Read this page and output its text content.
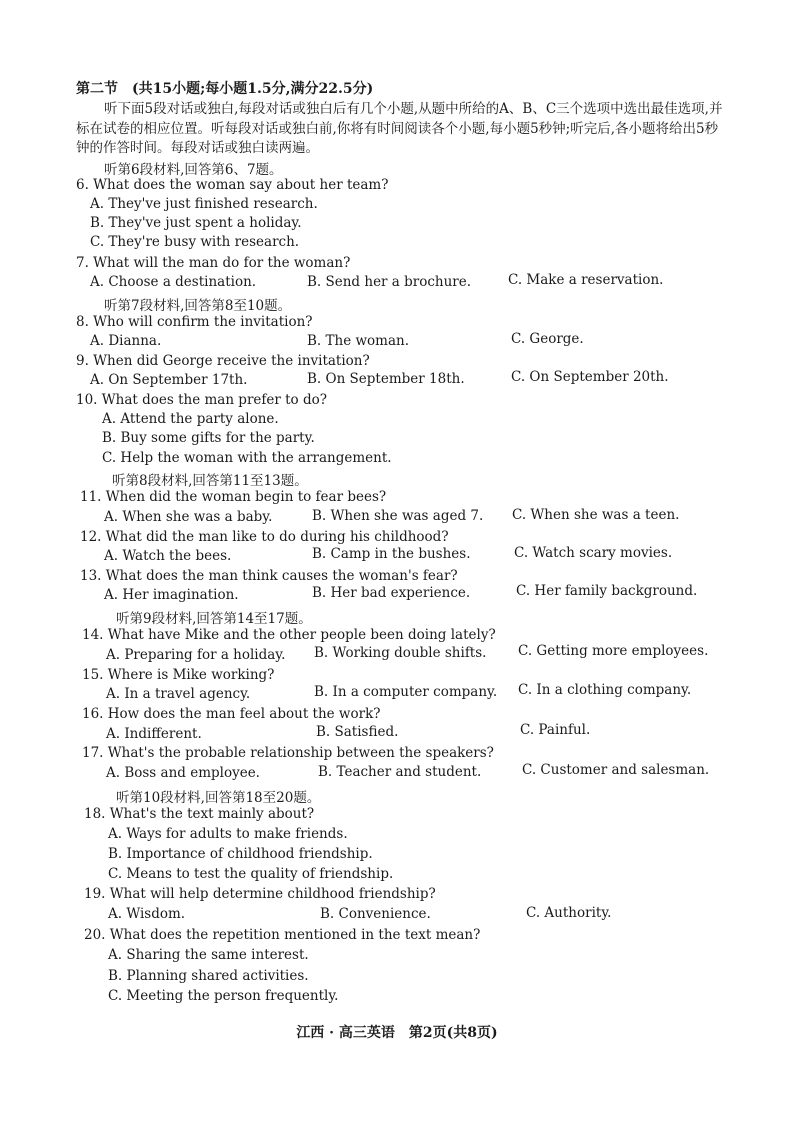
第二节　(共15小题;每小题1.5分,满分22.5分)
听下面5段对话或独白,每段对话或独白后有几个小题,从题中所给的A、B、C三个选项中选出最佳选项,并标在试卷的相应位置。听每段对话或独白前,你将有时间阅读各个小题,每小题5秒钟;听完后,各小题将给出5秒钟的作答时间。每段对话或独白读两遍。
听第6段材料,回答第6、7题。
6. What does the woman say about her team?
A. They've just finished research.
B. They've just spent a holiday.
C. They're busy with research.
7. What will the man do for the woman?
A. Choose a destination.	B. Send her a brochure.	C. Make a reservation.
听第7段材料,回答第8至10题。
8. Who will confirm the invitation?
A. Dianna.	B. The woman.	C. George.
9. When did George receive the invitation?
A. On September 17th.	B. On September 18th.	C. On September 20th.
10. What does the man prefer to do?
A. Attend the party alone.
B. Buy some gifts for the party.
C. Help the woman with the arrangement.
听第8段材料,回答第11至13题。
11. When did the woman begin to fear bees?
A. When she was a baby.	B. When she was aged 7. C. When she was a teen.
12. What did the man like to do during his childhood?
A. Watch the bees.	B. Camp in the bushes.	C. Watch scary movies.
13. What does the man think causes the woman's fear?
A. Her imagination.	B. Her bad experience.	C. Her family background.
听第9段材料,回答第14至17题。
14. What have Mike and the other people been doing lately?
A. Preparing for a holiday. B. Working double shifts. C. Getting more employees.
15. Where is Mike working?
A. In a travel agency.	B. In a computer company. C. In a clothing company.
16. How does the man feel about the work?
A. Indifferent.	B. Satisfied.	C. Painful.
17. What's the probable relationship between the speakers?
A. Boss and employee.	B. Teacher and student.	C. Customer and salesman.
听第10段材料,回答第18至20题。
18. What's the text mainly about?
A. Ways for adults to make friends.
B. Importance of childhood friendship.
C. Means to test the quality of friendship.
19. What will help determine childhood friendship?
A. Wisdom.	B. Convenience.	C. Authority.
20. What does the repetition mentioned in the text mean?
A. Sharing the same interest.
B. Planning shared activities.
C. Meeting the person frequently.
江西 · 高三英语　第2页(共8页)
